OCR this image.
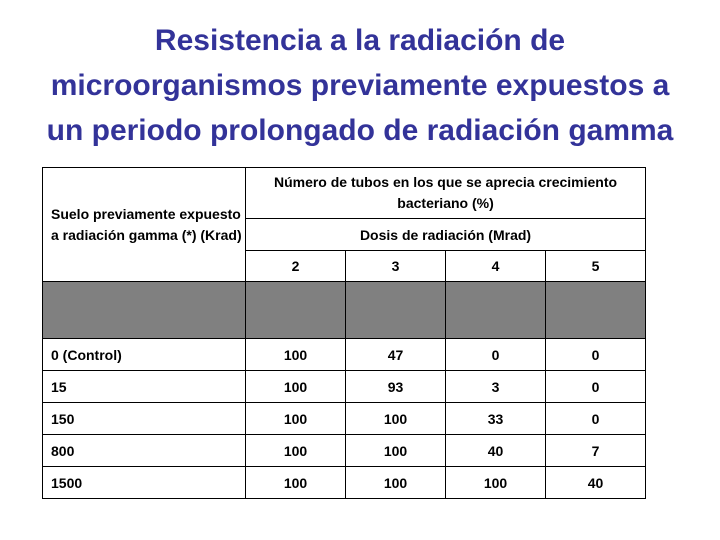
Resistencia a la radiación de
microorganismos previamente expuestos a
un periodo prolongado de radiación gamma
Suelo previamente expuesto a radiación gamma (*) (Krad)	Número de tubos en los que se aprecia crecimiento bacteriano (%)			
	Dosis de radiación (Mrad)			
	2	3	4	5

0 (Control)	100	47	0	0
15	100	93	3	0
150	100	100	33	0
800	100	100	40	7
1500	100	100	100	40
